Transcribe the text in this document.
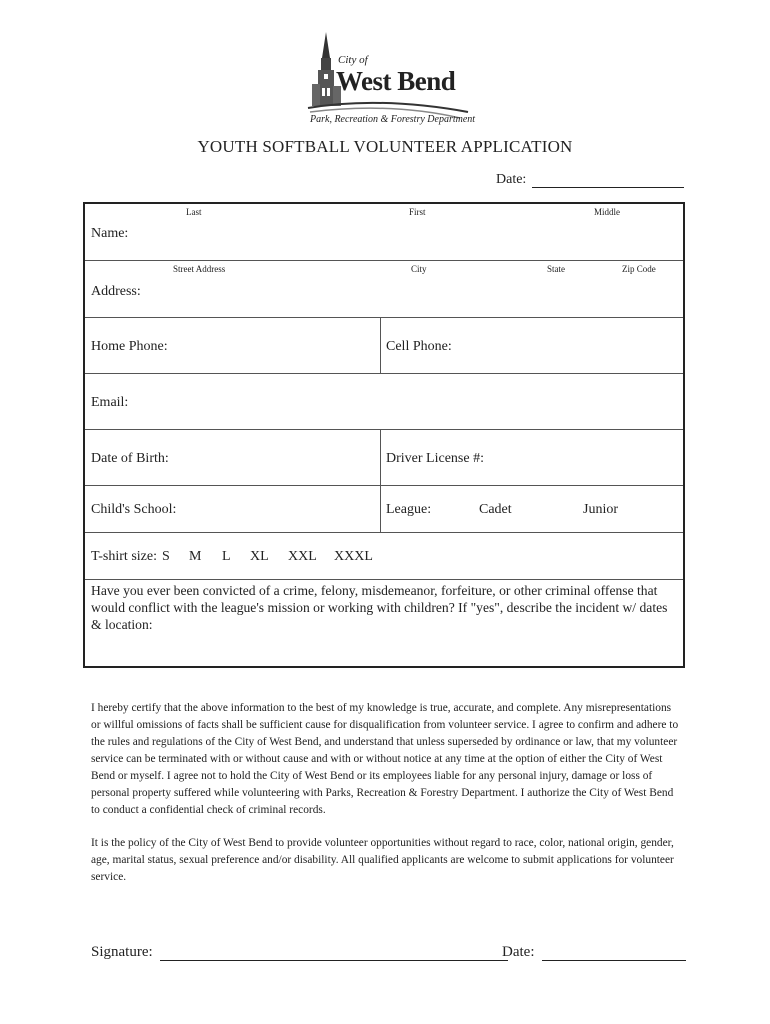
City of
West Bend
Park, Recreation & Forestry Department
YOUTH SOFTBALL VOLUNTEER APPLICATION
Date:
Last	First	Middle
Name:
Street Address	City	State	Zip Code
Address:
Home Phone:	Cell Phone:
Email:
Date of Birth:	Driver License #:
Child's School:	League:	Cadet	Junior
T-shirt size: S M L XL XXL XXXL
Have you ever been convicted of a crime, felony, misdemeanor, forfeiture, or other criminal offense that would conflict with the league's mission or working with children? If "yes", describe the incident w/ dates & location:
I hereby certify that the above information to the best of my knowledge is true, accurate, and complete. Any misrepresentations or willful omissions of facts shall be sufficient cause for disqualification from volunteer service. I agree to confirm and adhere to the rules and regulations of the City of West Bend, and understand that unless superseded by ordinance or law, that my volunteer service can be terminated with or without cause and with or without notice at any time at the option of either the City of West Bend or myself. I agree not to hold the City of West Bend or its employees liable for any personal injury, damage or loss of personal property suffered while volunteering with Parks, Recreation & Forestry Department. I authorize the City of West Bend to conduct a confidential check of criminal records.
It is the policy of the City of West Bend to provide volunteer opportunities without regard to race, color, national origin, gender, age, marital status, sexual preference and/or disability. All qualified applicants are welcome to submit applications for volunteer service.
Signature:	Date:
